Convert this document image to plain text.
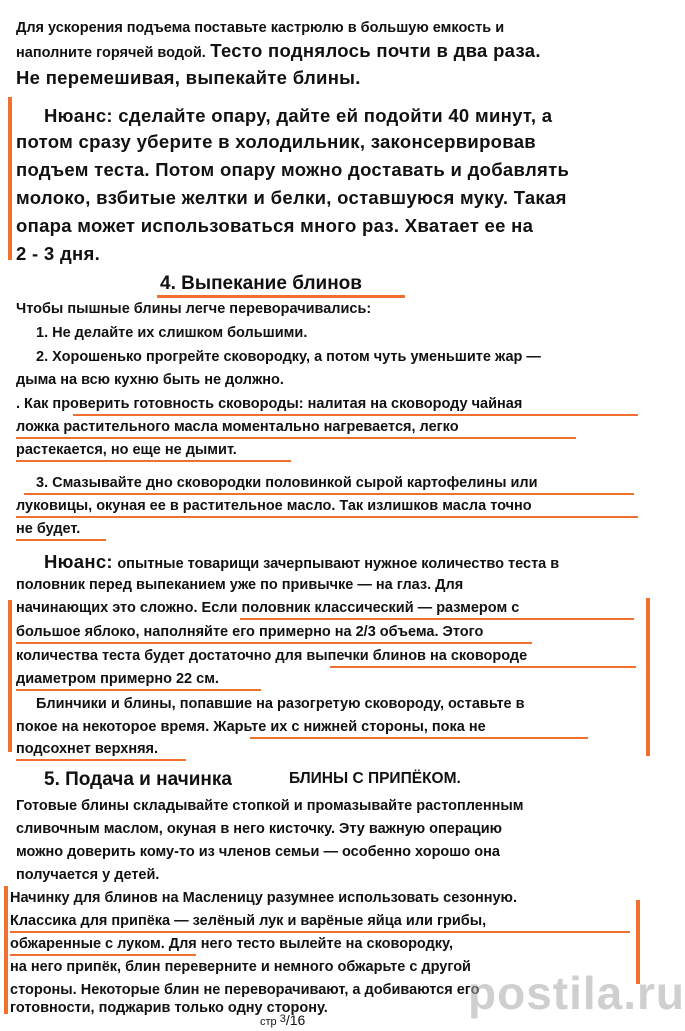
Для ускорения подъема поставьте кастрюлю в большую емкость и
наполните горячей водой. Тесто поднялось почти в два раза.
Не перемешивая, выпекайте блины.
Нюанс: сделайте опару, дайте ей подойти 40 минут, а
потом сразу уберите в холодильник, законсервировав
подъем теста. Потом опару можно доставать и добавлять
молоко, взбитые желтки и белки, оставшуюся муку. Такая
опара может использоваться много раз. Хватает ее на
2 - 3 дня.
4. Выпекание блинов
Чтобы пышные блины легче переворачивались:
1. Не делайте их слишком большими.
2. Хорошенько прогрейте сковородку, а потом чуть уменьшите жар —
дыма на всю кухню быть не должно.
. Как проверить готовность сковороды: налитая на сковороду чайная
ложка растительного масла моментально нагревается, легко
растекается, но еще не дымит.
3. Смазывайте дно сковородки половинкой сырой картофелины или
луковицы, окуная ее в растительное масло. Так излишков масла точно
не будет.
Нюанс: опытные товарищи зачерпывают нужное количество теста в
половник перед выпеканием уже по привычке — на глаз. Для
начинающих это сложно. Если половник классический — размером с
большое яблоко, наполняйте его примерно на 2/3 объема. Этого
количества теста будет достаточно для выпечки блинов на сковороде
диаметром примерно 22 см.
Блинчики и блины, попавшие на разогретую сковороду, оставьте в
покое на некоторое время. Жарьте их с нижней стороны, пока не
подсохнет верхняя.
5. Подача и начинка	БЛИНЫ С ПРИПЁКОМ.
Готовые блины складывайте стопкой и промазывайте растопленным
сливочным маслом, окуная в него кисточку. Эту важную операцию
можно доверить кому-то из членов семьи — особенно хорошо она
получается у детей.
Начинку для блинов на Масленицу разумнее использовать сезонную.
Классика для припёка — зелёный лук и варёные яйца или грибы,
обжаренные с луком. Для него тесто вылейте на сковородку,
на него припёк, блин переверните и немного обжарьте с другой
стороны. Некоторые блин не переворачивают, а добиваются его
готовности, поджарив только одну сторону.	postila.ru
стр 3/16
